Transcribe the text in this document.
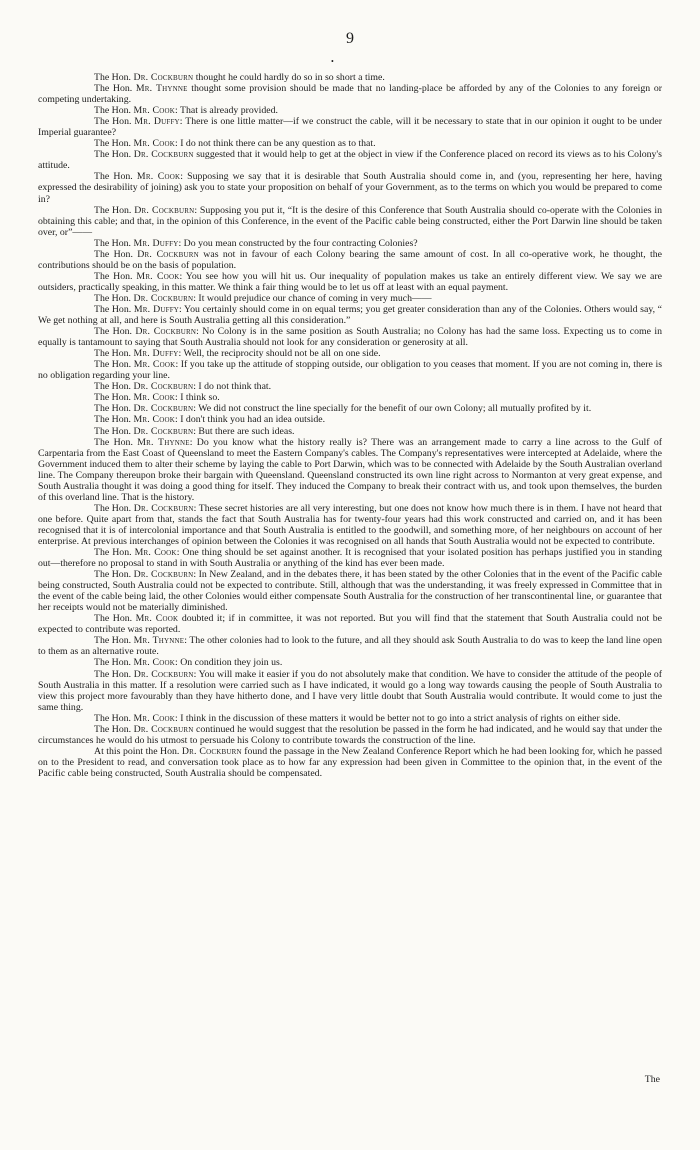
9
•

The Hon. Dr. Cockburn thought he could hardly do so in so short a time.

The Hon. Mr. Thynne thought some provision should be made that no landing-place be afforded by any of the Colonies to any foreign or competing undertaking.

The Hon. Mr. Cook: That is already provided.

The Hon. Mr. Duffy: There is one little matter—if we construct the cable, will it be necessary to state that in our opinion it ought to be under Imperial guarantee?

The Hon. Mr. Cook: I do not think there can be any question as to that.

The Hon. Dr. Cockburn suggested that it would help to get at the object in view if the Conference placed on record its views as to his Colony's attitude.

The Hon. Mr. Cook: Supposing we say that it is desirable that South Australia should come in, and (you, representing her here, having expressed the desirability of joining) ask you to state your proposition on behalf of your Government, as to the terms on which you would be prepared to come in?

The Hon. Dr. Cockburn: Supposing you put it, “It is the desire of this Conference that South Australia should co-operate with the Colonies in obtaining this cable; and that, in the opinion of this Conference, in the event of the Pacific cable being constructed, either the Port Darwin line should be taken over, or”——

The Hon. Mr. Duffy: Do you mean constructed by the four contracting Colonies?

The Hon. Dr. Cockburn was not in favour of each Colony bearing the same amount of cost. In all co-operative work, he thought, the contributions should be on the basis of population.

The Hon. Mr. Cook: You see how you will hit us. Our inequality of population makes us take an entirely different view. We say we are outsiders, practically speaking, in this matter. We think a fair thing would be to let us off at least with an equal payment.

The Hon. Dr. Cockburn: It would prejudice our chance of coming in very much——

The Hon. Mr. Duffy: You certainly should come in on equal terms; you get greater consideration than any of the Colonies. Others would say, “ We get nothing at all, and here is South Australia getting all this consideration.”

The Hon. Dr. Cockburn: No Colony is in the same position as South Australia; no Colony has had the same loss. Expecting us to come in equally is tantamount to saying that South Australia should not look for any consideration or generosity at all.

The Hon. Mr. Duffy: Well, the reciprocity should not be all on one side.

The Hon. Mr. Cook: If you take up the attitude of stopping outside, our obligation to you ceases that moment. If you are not coming in, there is no obligation regarding your line.

The Hon. Dr. Cockburn: I do not think that.

The Hon. Mr. Cook: I think so.

The Hon. Dr. Cockburn: We did not construct the line specially for the benefit of our own Colony; all mutually profited by it.

The Hon. Mr. Cook: I don't think you had an idea outside.

The Hon. Dr. Cockburn: But there are such ideas.

The Hon. Mr. Thynne: Do you know what the history really is? There was an arrangement made to carry a line across to the Gulf of Carpentaria from the East Coast of Queensland to meet the Eastern Company's cables. The Company's representatives were intercepted at Adelaide, where the Government induced them to alter their scheme by laying the cable to Port Darwin, which was to be connected with Adelaide by the South Australian overland line. The Company thereupon broke their bargain with Queensland. Queensland constructed its own line right across to Normanton at very great expense, and South Australia thought it was doing a good thing for itself. They induced the Company to break their contract with us, and took upon themselves, the burden of this overland line. That is the history.

The Hon. Dr. Cockburn: These secret histories are all very interesting, but one does not know how much there is in them. I have not heard that one before. Quite apart from that, stands the fact that South Australia has for twenty-four years had this work constructed and carried on, and it has been recognised that it is of intercolonial importance and that South Australia is entitled to the goodwill, and something more, of her neighbours on account of her enterprise. At previous interchanges of opinion between the Colonies it was recognised on all hands that South Australia would not be expected to contribute.

The Hon. Mr. Cook: One thing should be set against another. It is recognised that your isolated position has perhaps justified you in standing out—therefore no proposal to stand in with South Australia or anything of the kind has ever been made.

The Hon. Dr. Cockburn: In New Zealand, and in the debates there, it has been stated by the other Colonies that in the event of the Pacific cable being constructed, South Australia could not be expected to contribute. Still, although that was the understanding, it was freely expressed in Committee that in the event of the cable being laid, the other Colonies would either compensate South Australia for the construction of her transcontinental line, or guarantee that her receipts would not be materially diminished.

The Hon. Mr. Cook doubted it; if in committee, it was not reported. But you will find that the statement that South Australia could not be expected to contribute was reported.

The Hon. Mr. Thynne: The other colonies had to look to the future, and all they should ask South Australia to do was to keep the land line open to them as an alternative route.

The Hon. Mr. Cook: On condition they join us.

The Hon. Dr. Cockburn: You will make it easier if you do not absolutely make that condition. We have to consider the attitude of the people of South Australia in this matter. If a resolution were carried such as I have indicated, it would go a long way towards causing the people of South Australia to view this project more favourably than they have hitherto done, and I have very little doubt that South Australia would contribute. It would come to just the same thing.

The Hon. Mr. Cook: I think in the discussion of these matters it would be better not to go into a strict analysis of rights on either side.

The Hon. Dr. Cockburn continued he would suggest that the resolution be passed in the form he had indicated, and he would say that under the circumstances he would do his utmost to persuade his Colony to contribute towards the construction of the line.

At this point the Hon. Dr. Cockburn found the passage in the New Zealand Conference Report which he had been looking for, which he passed on to the President to read, and conversation took place as to how far any expression had been given in Committee to the opinion that, in the event of the Pacific cable being constructed, South Australia should be compensated.

The
